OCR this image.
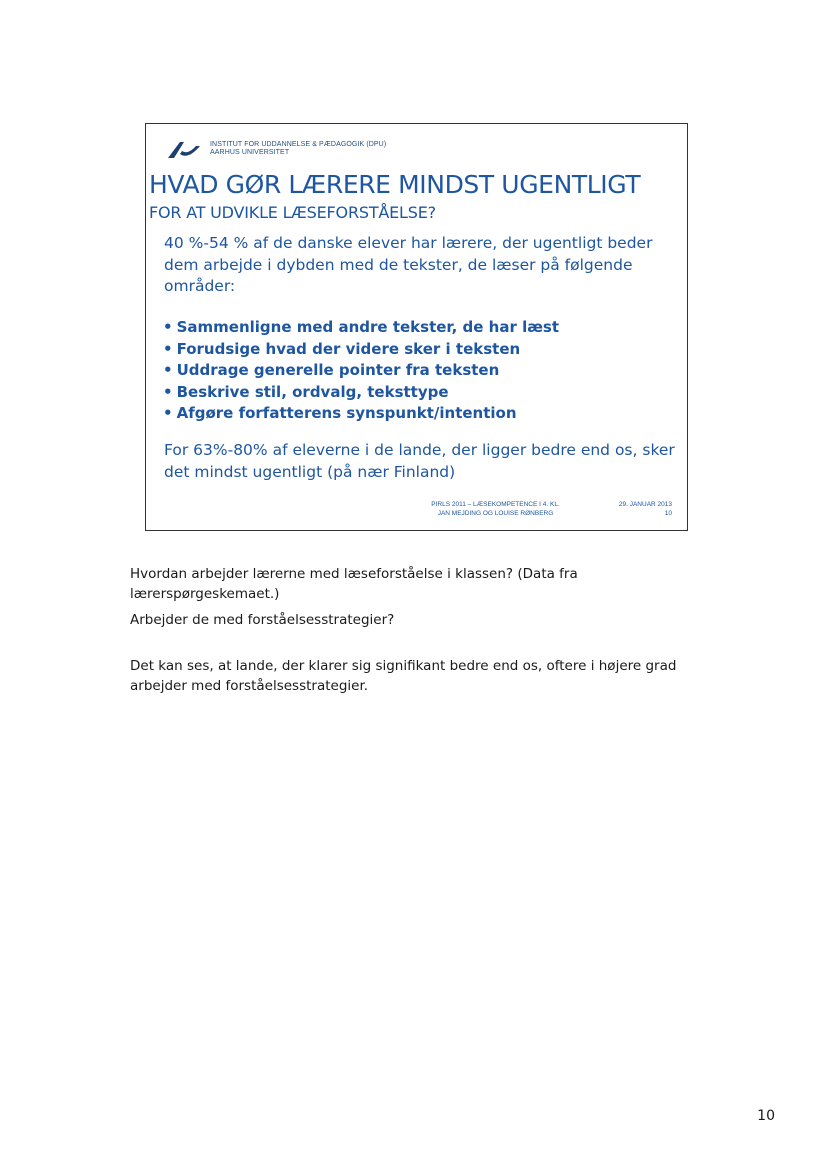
INSTITUT FOR UDDANNELSE & PÆDAGOGIK (DPU)
AARHUS UNIVERSITET
HVAD GØR LÆRERE MINDST UGENTLIGT
FOR AT UDVIKLE LÆSEFORSTÅELSE?
40 %-54 % af de danske elever har lærere, der ugentligt beder dem arbejde i dybden med de tekster, de læser på følgende områder:
• Sammenligne med andre tekster, de har læst
• Forudsige hvad der videre sker i teksten
• Uddrage generelle pointer fra teksten
• Beskrive stil, ordvalg, teksttype
• Afgøre forfatterens synspunkt/intention
For 63%-80% af eleverne i de lande, der ligger bedre end os, sker det mindst ugentligt (på nær Finland)
PIRLS 2011 – LÆSEKOMPETENCE I 4. KL.
JAN MEJDING OG LOUISE RØNBERG
29. JANUAR 2013
10

Hvordan arbejder lærerne med læseforståelse i klassen? (Data fra lærerspørgeskemaet.)

Arbejder de med forståelsesstrategier?

Det kan ses, at lande, der klarer sig signifikant bedre end os, oftere i højere grad arbejder med forståelsesstrategier.

10
